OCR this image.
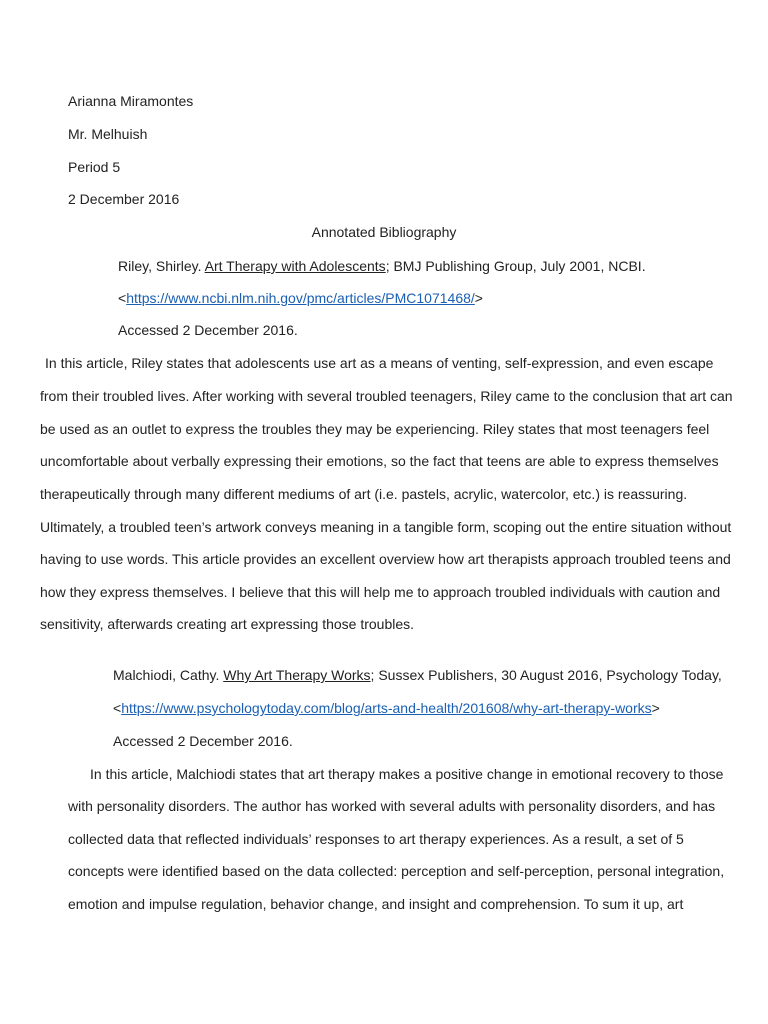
Arianna Miramontes
Mr. Melhuish
Period 5
2 December 2016
Annotated Bibliography
Riley, Shirley. Art Therapy with Adolescents; BMJ Publishing Group, July 2001, NCBI.
<https://www.ncbi.nlm.nih.gov/pmc/articles/PMC1071468/>
Accessed 2 December 2016.
In this article, Riley states that adolescents use art as a means of venting, self-expression, and even escape
from their troubled lives. After working with several troubled teenagers, Riley came to the conclusion that art can
be used as an outlet to express the troubles they may be experiencing. Riley states that most teenagers feel
uncomfortable about verbally expressing their emotions, so the fact that teens are able to express themselves
therapeutically through many different mediums of art (i.e. pastels, acrylic, watercolor, etc.) is reassuring.
Ultimately, a troubled teen’s artwork conveys meaning in a tangible form, scoping out the entire situation without
having to use words. This article provides an excellent overview how art therapists approach troubled teens and
how they express themselves. I believe that this will help me to approach troubled individuals with caution and
sensitivity, afterwards creating art expressing those troubles.
Malchiodi, Cathy. Why Art Therapy Works; Sussex Publishers, 30 August 2016, Psychology Today,
<https://www.psychologytoday.com/blog/arts-and-health/201608/why-art-therapy-works>
Accessed 2 December 2016.
In this article, Malchiodi states that art therapy makes a positive change in emotional recovery to those
with personality disorders. The author has worked with several adults with personality disorders, and has
collected data that reflected individuals’ responses to art therapy experiences. As a result, a set of 5
concepts were identified based on the data collected: perception and self-perception, personal integration,
emotion and impulse regulation, behavior change, and insight and comprehension. To sum it up, art
